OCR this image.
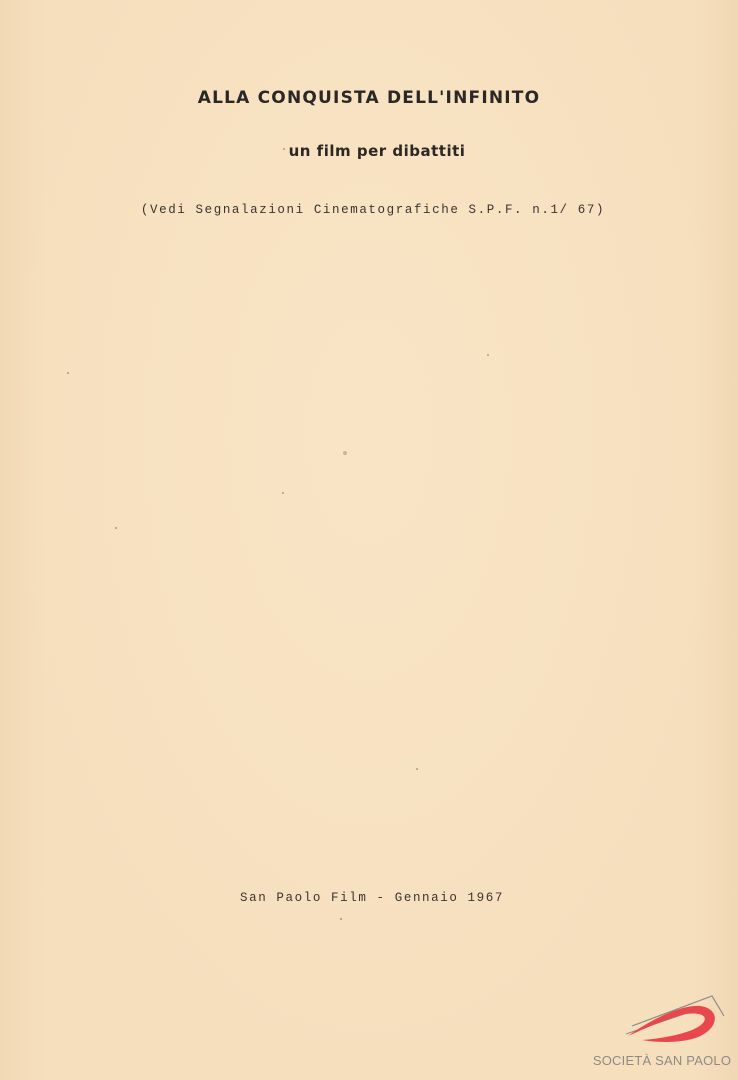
ALLA CONQUISTA DELL'INFINITO
un film per dibattiti
(Vedi Segnalazioni Cinematografiche S.P.F. n.1/ 67)
San Paolo Film - Gennaio 1967
SOCIETÀ SAN PAOLO
